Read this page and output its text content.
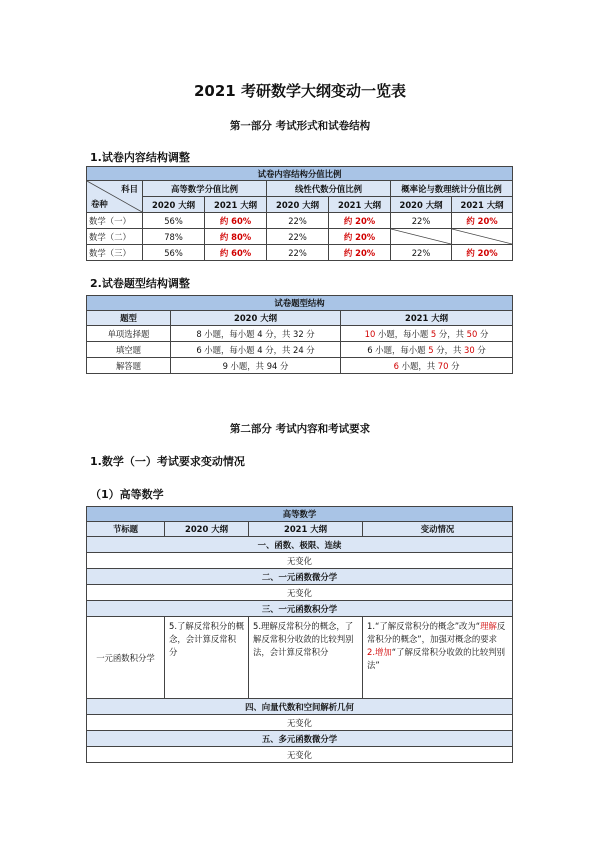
2021 考研数学大纲变动一览表
第一部分 考试形式和试卷结构
1.试卷内容结构调整
试卷内容结构分值比例						

科目
卷种	高等数学分值比例		线性代数分值比例		概率论与数理统计分值比例	
	2020 大纲	2021 大纲	2020 大纲	2021 大纲	2020 大纲	2021 大纲
数学（一）	56%	约 60%	22%	约 20%	22%	约 20%
数学（二）	78%	约 80%	22%	约 20%	

数学（三）	56%	约 60%	22%	约 20%	22%	约 20%
2.试卷题型结构调整
试卷题型结构		
题型	2020 大纲	2021 大纲
单项选择题	8 小题，每小题 4 分，共 32 分	10 小题，每小题 5 分，共 50 分
填空题	6 小题，每小题 4 分，共 24 分	6 小题，每小题 5 分，共 30 分
解答题	9 小题，共 94 分	6 小题，共 70 分
第二部分 考试内容和考试要求
1.数学（一）考试要求变动情况
（1）高等数学
高等数学			
节标题	2020 大纲	2021 大纲	变动情况
一、函数、极限、连续			
无变化			
二、一元函数微分学			
无变化			
三、一元函数积分学			
一元函数积分学	5.了解反常积分的概念，会计算反常积分	5.理解反常积分的概念，了解反常积分收敛的比较判别法，会计算反常积分	1.“了解反常积分的概念”改为“理解反常积分的概念”，加强对概念的要求
2.增加“了解反常积分收敛的比较判别法”
四、向量代数和空间解析几何			
无变化			
五、多元函数微分学			
无变化			
